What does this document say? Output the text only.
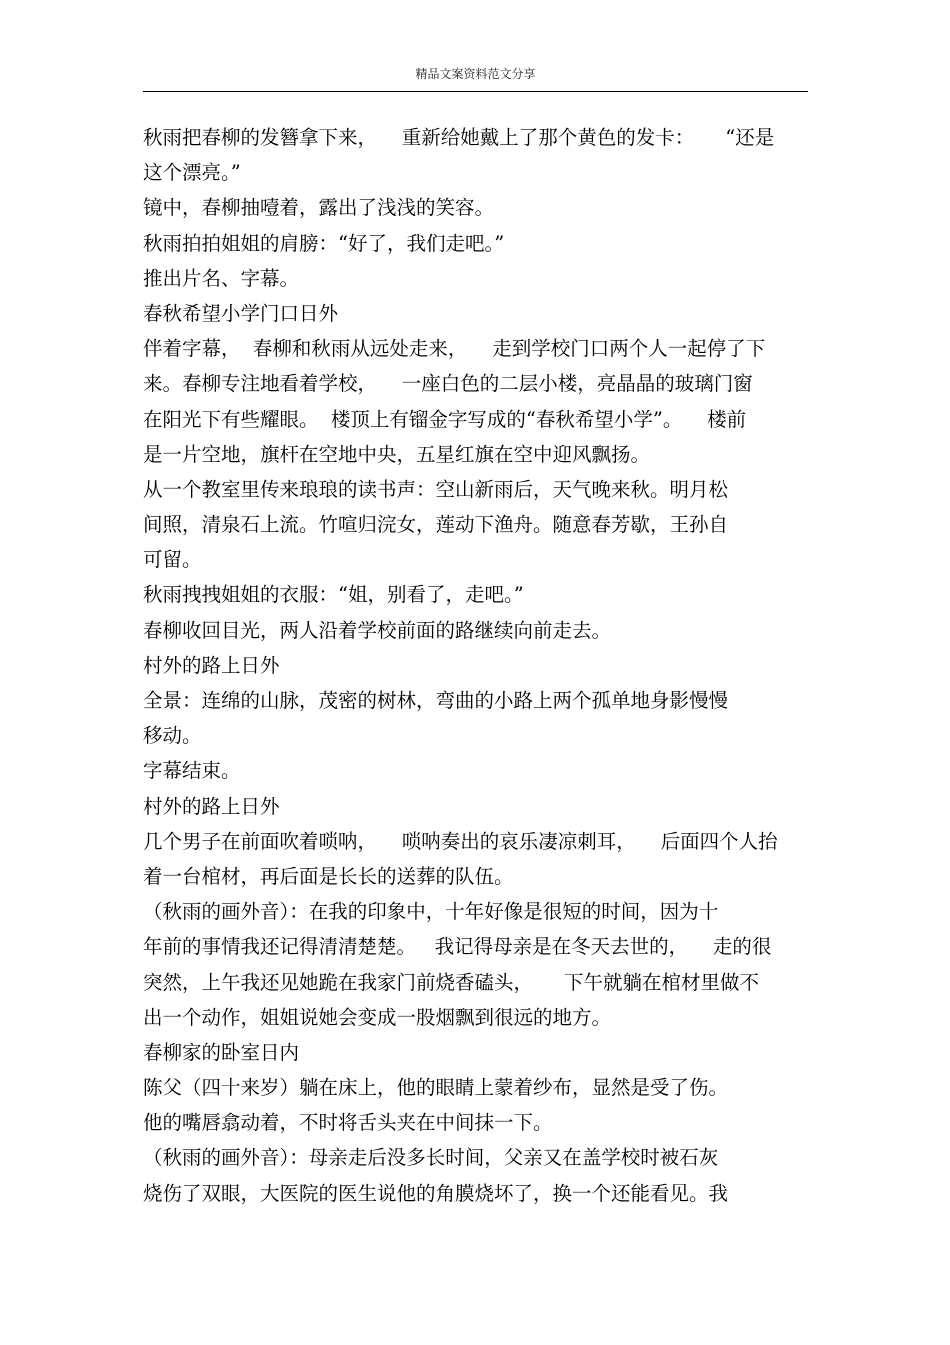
精品文案资料范文分享
秋雨把春柳的发簪拿下来，    重新给她戴上了那个黄色的发卡：     “还是
这个漂亮。”
镜中，春柳抽噎着，露出了浅浅的笑容。
秋雨拍拍姐姐的肩膀：“好了，我们走吧。”
推出片名、字幕。
春秋希望小学门口日外
伴着字幕，  春柳和秋雨从远处走来，    走到学校门口两个人一起停了下
来。春柳专注地看着学校，    一座白色的二层小楼，亮晶晶的玻璃门窗
在阳光下有些耀眼。  楼顶上有镏金字写成的“春秋希望小学”。    楼前
是一片空地，旗杆在空地中央，五星红旗在空中迎风飘扬。
从一个教室里传来琅琅的读书声：空山新雨后，天气晚来秋。明月松
间照，清泉石上流。竹喧归浣女，莲动下渔舟。随意春芳歇，王孙自
可留。
秋雨拽拽姐姐的衣服：“姐，别看了，走吧。”
春柳收回目光，两人沿着学校前面的路继续向前走去。
村外的路上日外
全景：连绵的山脉，茂密的树林，弯曲的小路上两个孤单地身影慢慢
移动。
字幕结束。
村外的路上日外
几个男子在前面吹着唢呐，    唢呐奏出的哀乐凄凉刺耳，    后面四个人抬
着一台棺材，再后面是长长的送葬的队伍。
（秋雨的画外音）：在我的印象中，十年好像是很短的时间，因为十
年前的事情我还记得清清楚楚。   我记得母亲是在冬天去世的，    走的很
突然，上午我还见她跪在我家门前烧香磕头，     下午就躺在棺材里做不
出一个动作，姐姐说她会变成一股烟飘到很远的地方。
春柳家的卧室日内
陈父（四十来岁）躺在床上，他的眼睛上蒙着纱布，显然是受了伤。
他的嘴唇翕动着，不时将舌头夹在中间抹一下。
（秋雨的画外音）：母亲走后没多长时间，父亲又在盖学校时被石灰
烧伤了双眼，大医院的医生说他的角膜烧坏了，换一个还能看见。我
